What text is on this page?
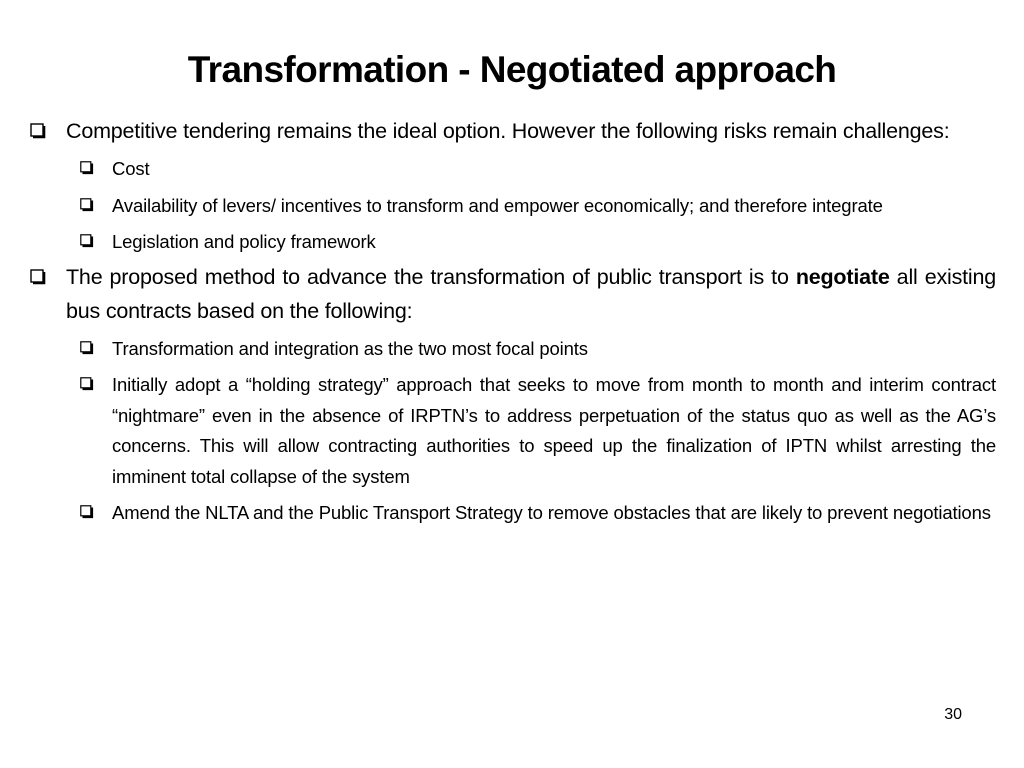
Transformation - Negotiated approach
Competitive tendering remains the ideal option. However the following risks remain challenges:
Cost
Availability of levers/ incentives to transform and empower economically; and therefore integrate
Legislation and policy framework
The proposed method to advance the transformation of public transport is to negotiate all existing bus contracts based on the following:
Transformation and integration as the two most focal points
Initially adopt a “holding strategy” approach that seeks to move from month to month and interim contract “nightmare” even in the absence of IRPTN’s to address perpetuation of the status quo as well as the AG’s concerns. This will allow contracting authorities to speed up the finalization of IPTN whilst arresting the imminent total collapse of the system
Amend the NLTA and the Public Transport Strategy to remove obstacles that are likely to prevent negotiations
30
